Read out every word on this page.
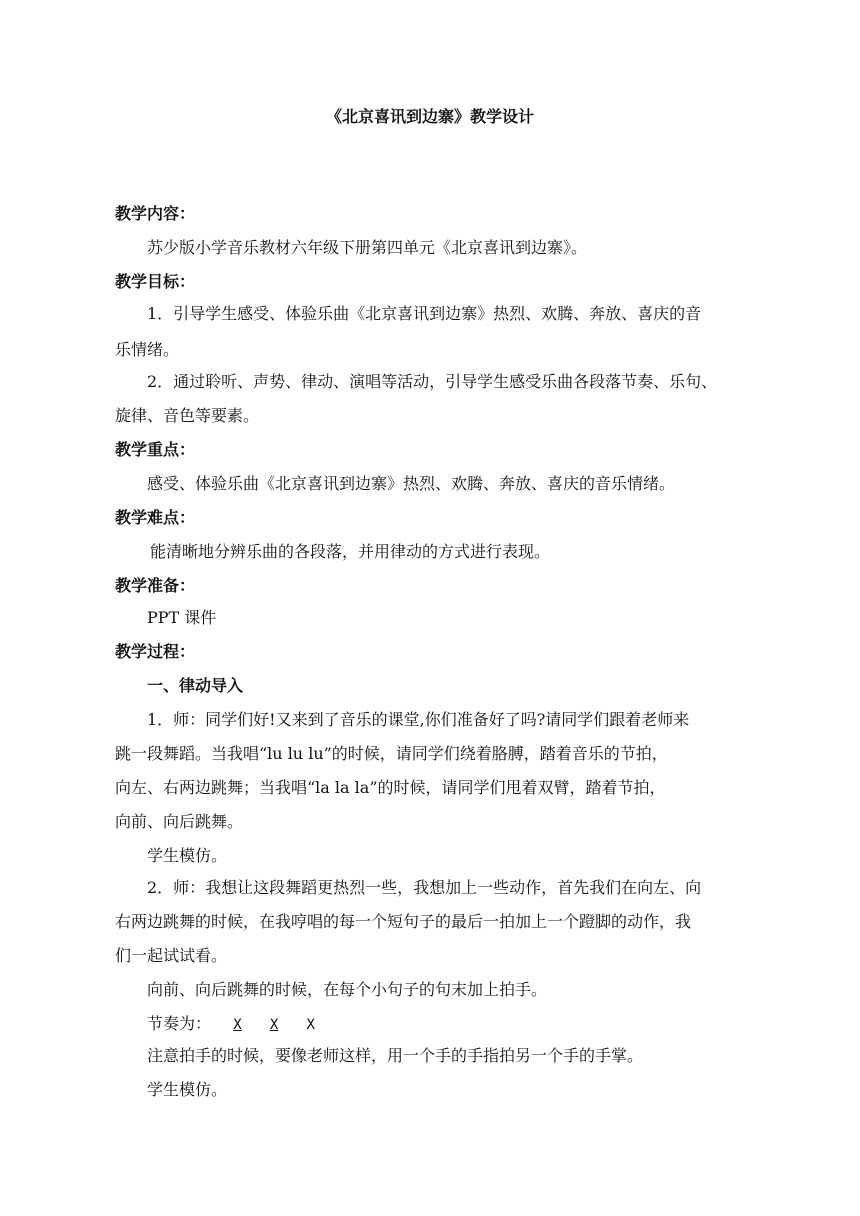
《北京喜讯到边寨》教学设计
教学内容：
苏少版小学音乐教材六年级下册第四单元《北京喜讯到边寨》。
教学目标：
1．引导学生感受、体验乐曲《北京喜讯到边寨》热烈、欢腾、奔放、喜庆的音
乐情绪。
2．通过聆听、声势、律动、演唱等活动，引导学生感受乐曲各段落节奏、乐句、
旋律、音色等要素。
教学重点：
感受、体验乐曲《北京喜讯到边寨》热烈、欢腾、奔放、喜庆的音乐情绪。
教学难点：
能清晰地分辨乐曲的各段落，并用律动的方式进行表现。
教学准备：
PPT 课件
教学过程：
一、律动导入
1．师：同学们好!又来到了音乐的课堂,你们准备好了吗?请同学们跟着老师来
跳一段舞蹈。当我唱“lu lu lu”的时候，请同学们绕着胳膊，踏着音乐的节拍，
向左、右两边跳舞；当我唱“la la la”的时候，请同学们甩着双臂，踏着节拍，
向前、向后跳舞。
学生模仿。
2．师：我想让这段舞蹈更热烈一些，我想加上一些动作，首先我们在向左、向
右两边跳舞的时候，在我哼唱的每一个短句子的最后一拍加上一个蹬脚的动作，我
们一起试试看。
向前、向后跳舞的时候，在每个小句子的句末加上拍手。
节奏为： X X X
注意拍手的时候，要像老师这样，用一个手的手指拍另一个手的手掌。
学生模仿。
